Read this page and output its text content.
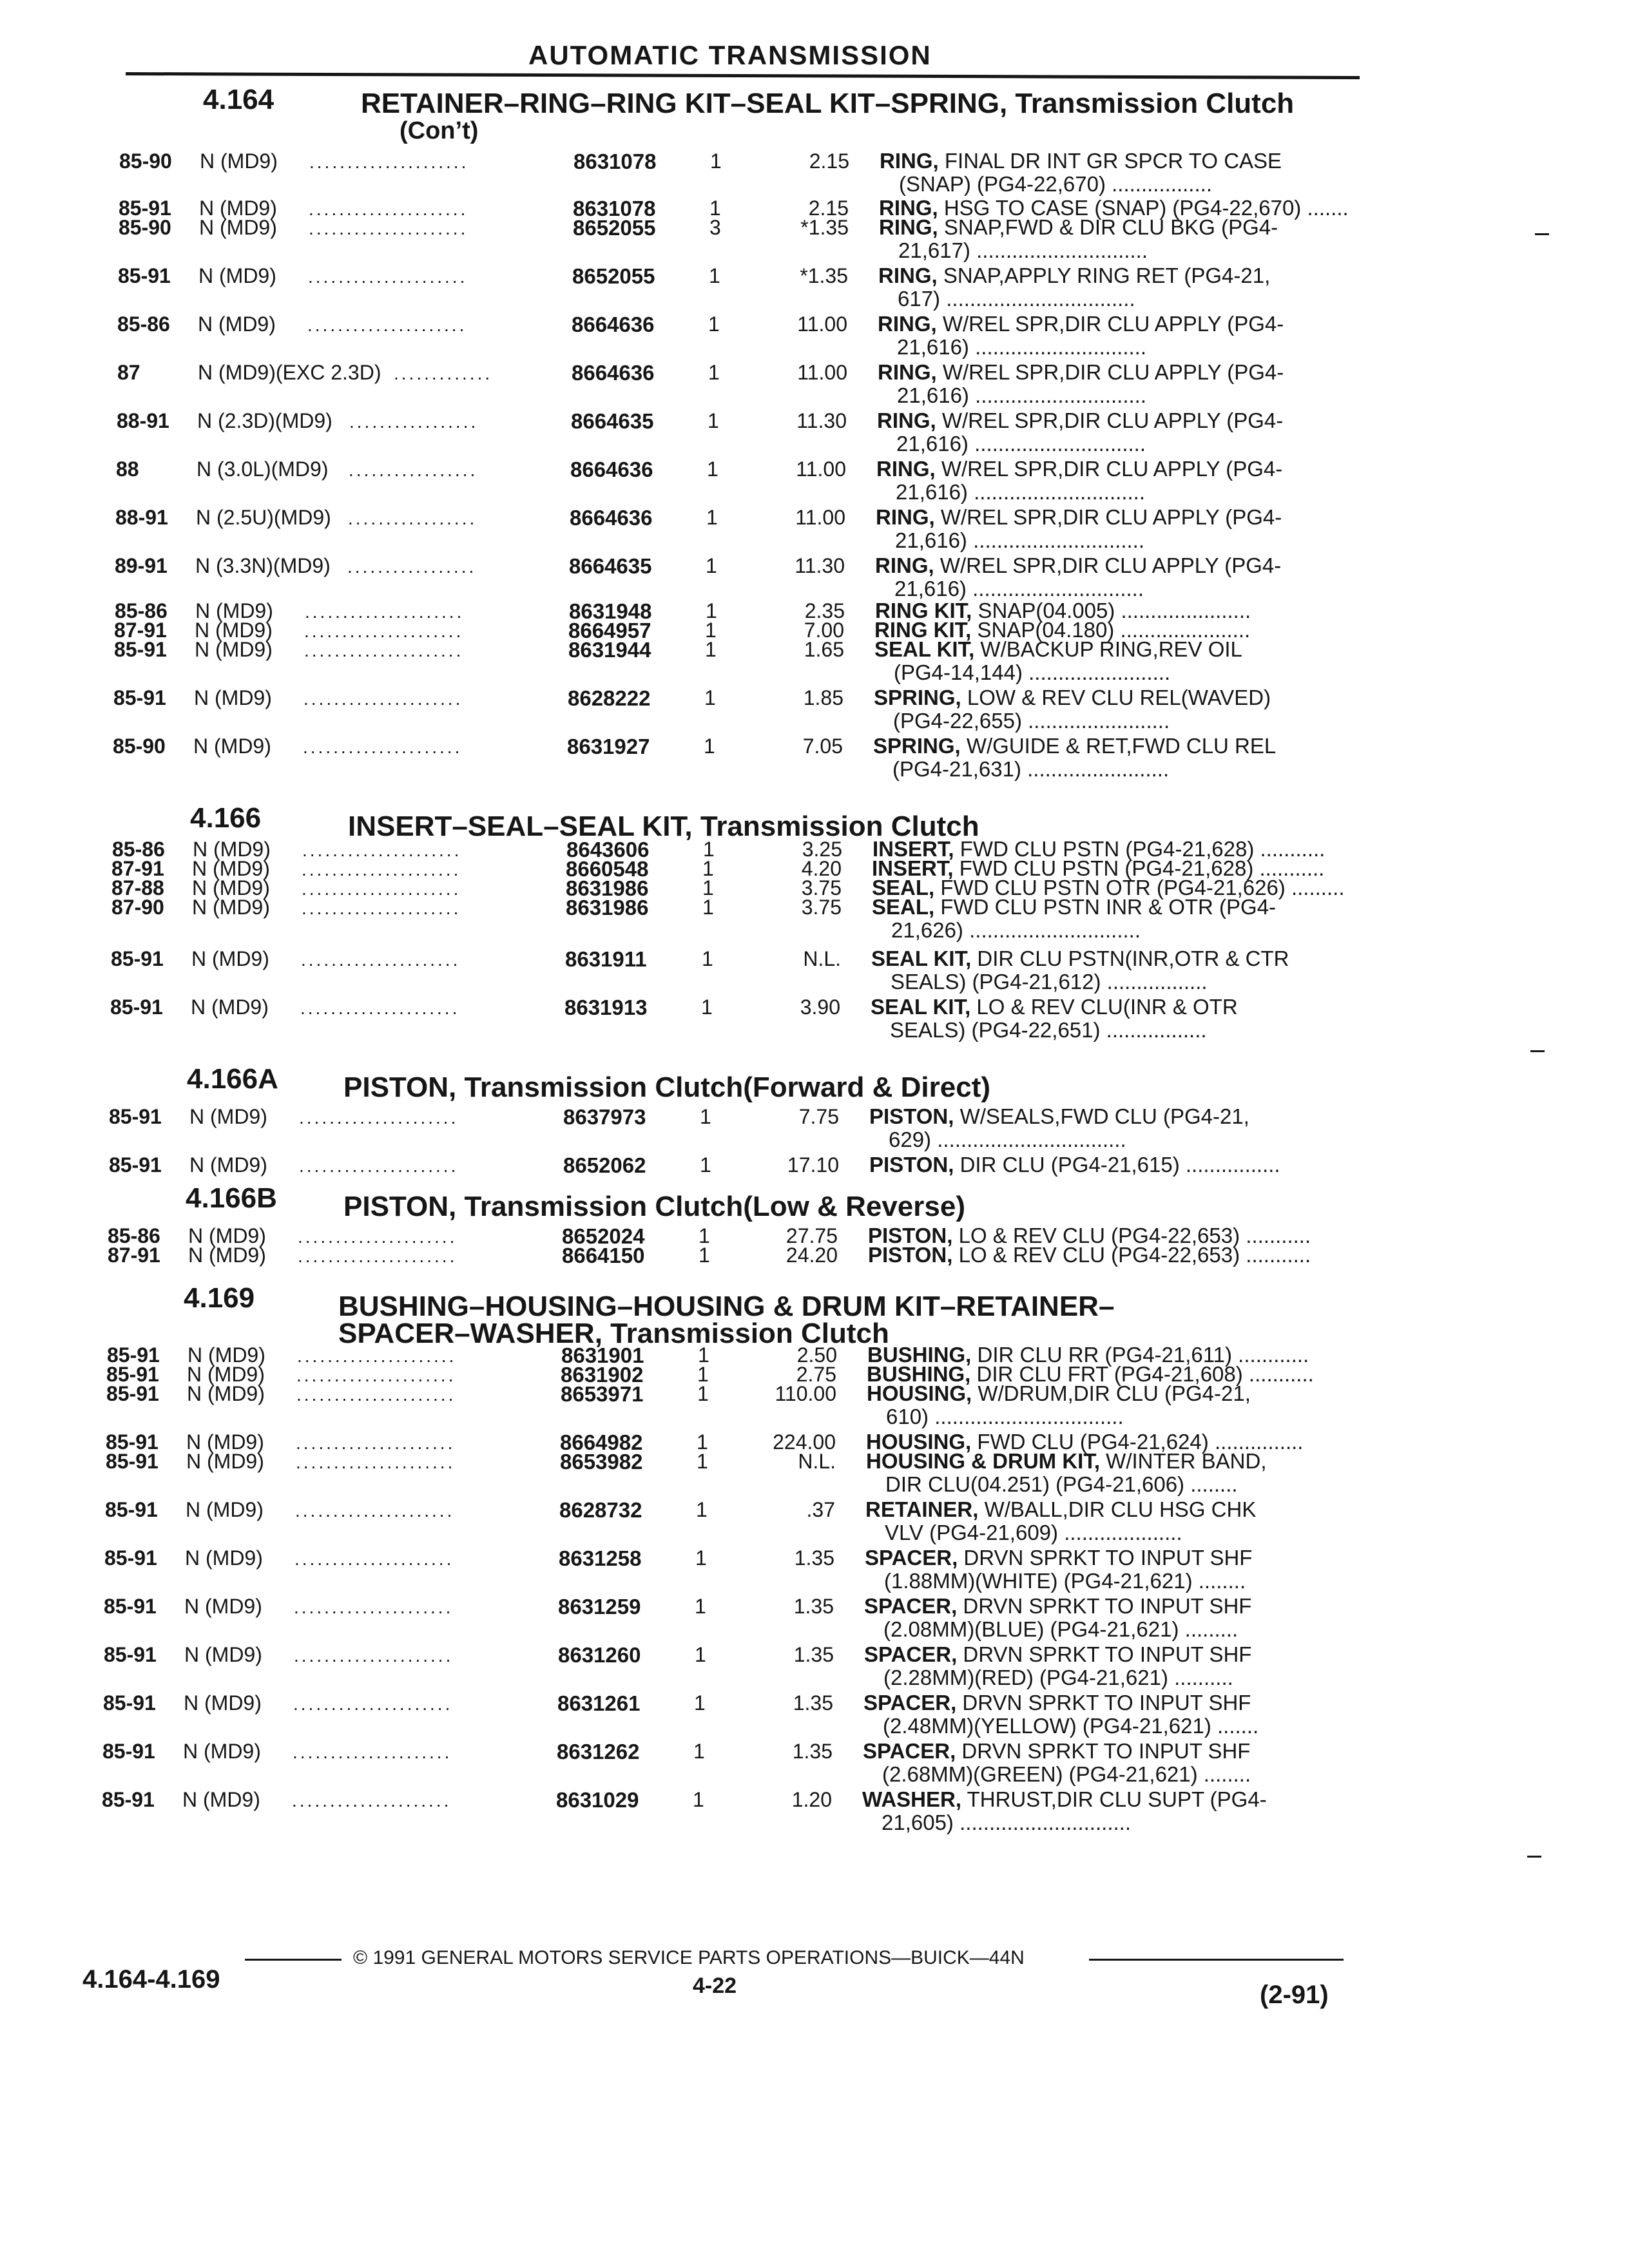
AUTOMATIC TRANSMISSION
4.164	RETAINER–RING–RING KIT–SEAL KIT–SPRING, Transmission Clutch
(Con’t)
4.166	INSERT–SEAL–SEAL KIT, Transmission Clutch
4.166A PISTON, Transmission Clutch(Forward & Direct)
4.166B PISTON, Transmission Clutch(Low & Reverse)
4.169	BUSHING–HOUSING–HOUSING & DRUM KIT–RETAINER–
SPACER–WASHER, Transmission Clutch
85-90 N (MD9) .....................	8631078	1	2.15 RING, FINAL DR INT GR SPCR TO CASE
(SNAP) (PG4-22,670) .................
85-91 N (MD9) .....................	8631078	1	2.15 RING, HSG TO CASE (SNAP) (PG4-22,670) .......
85-90 N (MD9) .....................	8652055	3	*1.35 RING, SNAP,FWD & DIR CLU BKG (PG4-
21,617) .............................
85-91 N (MD9) .....................	8652055	1	*1.35 RING, SNAP,APPLY RING RET (PG4-21,
617) ................................
85-86 N (MD9) .....................	8664636	1	11.00 RING, W/REL SPR,DIR CLU APPLY (PG4-
21,616) .............................
87	N (MD9)(EXC 2.3D) .............	8664636	1	11.00 RING, W/REL SPR,DIR CLU APPLY (PG4-
21,616) .............................
88-91 N (2.3D)(MD9) .................	8664635	1	11.30 RING, W/REL SPR,DIR CLU APPLY (PG4-
21,616) .............................
88	N (3.0L)(MD9) .................	8664636	1	11.00 RING, W/REL SPR,DIR CLU APPLY (PG4-
21,616) .............................
88-91 N (2.5U)(MD9) .................	8664636	1	11.00 RING, W/REL SPR,DIR CLU APPLY (PG4-
21,616) .............................
89-91 N (3.3N)(MD9) .................	8664635	1	11.30 RING, W/REL SPR,DIR CLU APPLY (PG4-
21,616) .............................
85-86 N (MD9) .....................	8631948	1	2.35 RING KIT, SNAP(04.005) ......................
87-91 N (MD9) .....................	8664957	1	7.00 RING KIT, SNAP(04.180) ......................
85-91 N (MD9) .....................	8631944	1	1.65 SEAL KIT, W/BACKUP RING,REV OIL
(PG4-14,144) ........................
85-91 N (MD9) .....................	8628222	1	1.85 SPRING, LOW & REV CLU REL(WAVED)
(PG4-22,655) ........................
85-90 N (MD9) .....................	8631927	1	7.05 SPRING, W/GUIDE & RET,FWD CLU REL
(PG4-21,631) ........................
85-86 N (MD9) .....................	8643606	1	3.25 INSERT, FWD CLU PSTN (PG4-21,628) ...........
87-91 N (MD9) .....................	8660548	1	4.20 INSERT, FWD CLU PSTN (PG4-21,628) ...........
87-88 N (MD9) .....................	8631986	1	3.75 SEAL, FWD CLU PSTN OTR (PG4-21,626) .........
87-90 N (MD9) .....................	8631986	1	3.75 SEAL, FWD CLU PSTN INR & OTR (PG4-
21,626) .............................
85-91 N (MD9) .....................	8631911	1	N.L. SEAL KIT, DIR CLU PSTN(INR,OTR & CTR
SEALS) (PG4-21,612) .................
85-91 N (MD9) .....................	8631913	1	3.90 SEAL KIT, LO & REV CLU(INR & OTR
SEALS) (PG4-22,651) .................
85-91 N (MD9) .....................	8637973	1	7.75 PISTON, W/SEALS,FWD CLU (PG4-21,
629) ................................
85-91 N (MD9) .....................	8652062	1	17.10 PISTON, DIR CLU (PG4-21,615) ................
85-86 N (MD9) .....................	8652024	1	27.75 PISTON, LO & REV CLU (PG4-22,653) ...........
87-91 N (MD9) .....................	8664150	1	24.20 PISTON, LO & REV CLU (PG4-22,653) ...........
85-91 N (MD9) .....................	8631901	1	2.50 BUSHING, DIR CLU RR (PG4-21,611) ............
85-91 N (MD9) .....................	8631902	1	2.75 BUSHING, DIR CLU FRT (PG4-21,608) ...........
85-91 N (MD9) .....................	8653971	1	110.00 HOUSING, W/DRUM,DIR CLU (PG4-21,
610) ................................
85-91 N (MD9) .....................	8664982	1	224.00 HOUSING, FWD CLU (PG4-21,624) ...............
85-91 N (MD9) .....................	8653982	1	N.L. HOUSING & DRUM KIT, W/INTER BAND,
DIR CLU(04.251) (PG4-21,606) ........
85-91 N (MD9) .....................	8628732	1	.37 RETAINER, W/BALL,DIR CLU HSG CHK
VLV (PG4-21,609) ....................
85-91 N (MD9) .....................	8631258	1	1.35 SPACER, DRVN SPRKT TO INPUT SHF
(1.88MM)(WHITE) (PG4-21,621) ........
85-91 N (MD9) .....................	8631259	1	1.35 SPACER, DRVN SPRKT TO INPUT SHF
(2.08MM)(BLUE) (PG4-21,621) .........
85-91 N (MD9) .....................	8631260	1	1.35 SPACER, DRVN SPRKT TO INPUT SHF
(2.28MM)(RED) (PG4-21,621) ..........
85-91 N (MD9) .....................	8631261	1	1.35 SPACER, DRVN SPRKT TO INPUT SHF
(2.48MM)(YELLOW) (PG4-21,621) .......
85-91 N (MD9) .....................	8631262	1	1.35 SPACER, DRVN SPRKT TO INPUT SHF
(2.68MM)(GREEN) (PG4-21,621) ........
85-91 N (MD9) .....................	8631029	1	1.20 WASHER, THRUST,DIR CLU SUPT (PG4-
21,605) .............................
© 1991 GENERAL MOTORS SERVICE PARTS OPERATIONS—BUICK—44N
4.164-4.169	4-22	(2-91)
